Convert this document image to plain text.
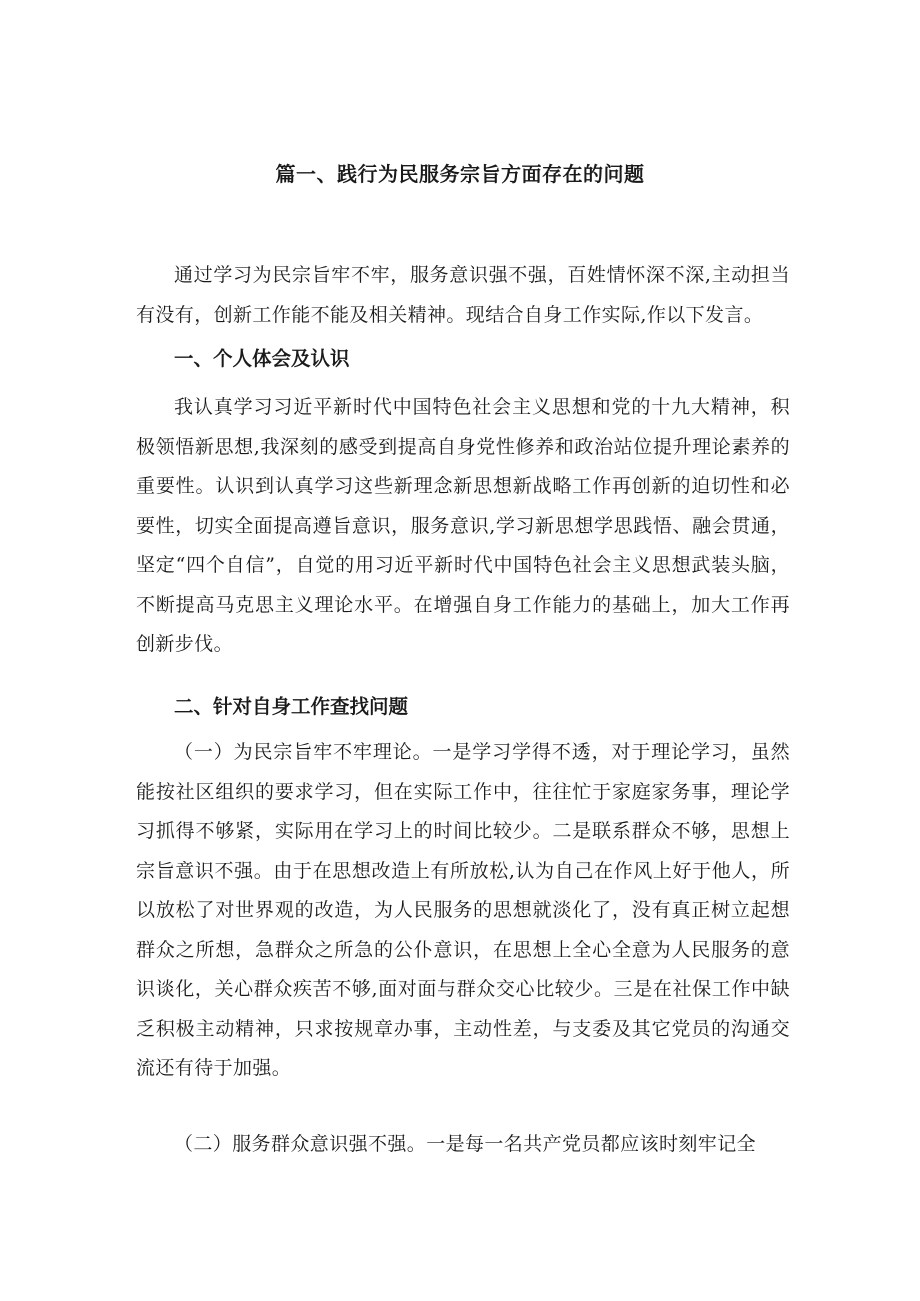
篇一、践行为民服务宗旨方面存在的问题

通过学习为民宗旨牢不牢，服务意识强不强，百姓情怀深不深,主动担当有没有，创新工作能不能及相关精神。现结合自身工作实际,作以下发言。

一、个人体会及认识

我认真学习习近平新时代中国特色社会主义思想和党的十九大精神，积极领悟新思想,我深刻的感受到提高自身党性修养和政治站位提升理论素养的重要性。认识到认真学习这些新理念新思想新战略工作再创新的迫切性和必要性，切实全面提高遵旨意识，服务意识,学习新思想学思践悟、融会贯通，坚定“四个自信”，自觉的用习近平新时代中国特色社会主义思想武装头脑，不断提高马克思主义理论水平。在增强自身工作能力的基础上，加大工作再创新步伐。

二、针对自身工作查找问题

（一）为民宗旨牢不牢理论。一是学习学得不透，对于理论学习，虽然能按社区组织的要求学习，但在实际工作中，往往忙于家庭家务事，理论学习抓得不够紧，实际用在学习上的时间比较少。二是联系群众不够，思想上宗旨意识不强。由于在思想改造上有所放松,认为自己在作风上好于他人，所以放松了对世界观的改造，为人民服务的思想就淡化了，没有真正树立起想群众之所想，急群众之所急的公仆意识，在思想上全心全意为人民服务的意识谈化，关心群众疾苦不够,面对面与群众交心比较少。三是在社保工作中缺乏积极主动精神，只求按规章办事，主动性差，与支委及其它党员的沟通交流还有待于加强。

（二）服务群众意识强不强。一是每一名共产党员都应该时刻牢记全
